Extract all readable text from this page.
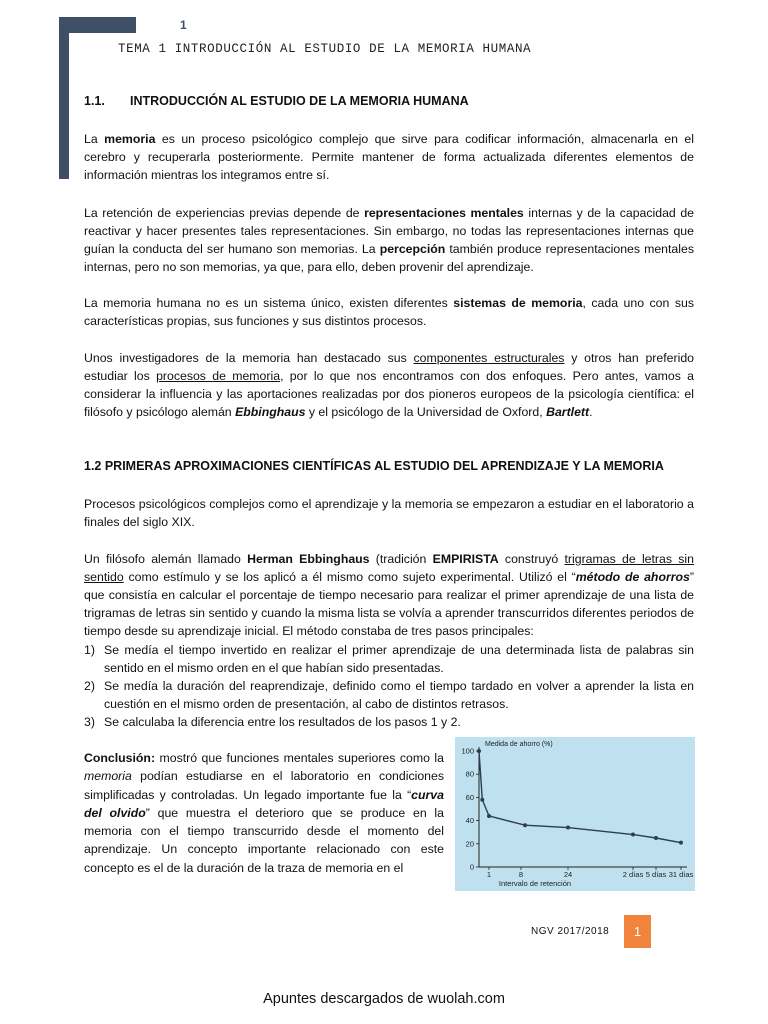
1
TEMA 1 INTRODUCCIÓN AL ESTUDIO DE LA MEMORIA HUMANA
1.1. INTRODUCCIÓN AL ESTUDIO DE LA MEMORIA HUMANA

La memoria es un proceso psicológico complejo que sirve para codificar información, almacenarla en el cerebro y recuperarla posteriormente. Permite mantener de forma actualizada diferentes elementos de información mientras los integramos entre sí.

La retención de experiencias previas depende de representaciones mentales internas y de la capacidad de reactivar y hacer presentes tales representaciones. Sin embargo, no todas las representaciones internas que guían la conducta del ser humano son memorias. La percepción también produce representaciones mentales internas, pero no son memorias, ya que, para ello, deben provenir del aprendizaje.

La memoria humana no es un sistema único, existen diferentes sistemas de memoria, cada uno con sus características propias, sus funciones y sus distintos procesos.

Unos investigadores de la memoria han destacado sus componentes estructurales y otros han preferido estudiar los procesos de memoria, por lo que nos encontramos con dos enfoques. Pero antes, vamos a considerar la influencia y las aportaciones realizadas por dos pioneros europeos de la psicología científica: el filósofo y psicólogo alemán Ebbinghaus y el psicólogo de la Universidad de Oxford, Bartlett.

1.2 PRIMERAS APROXIMACIONES CIENTÍFICAS AL ESTUDIO DEL APRENDIZAJE Y LA MEMORIA

Procesos psicológicos complejos como el aprendizaje y la memoria se empezaron a estudiar en el laboratorio a finales del siglo XIX.

Un filósofo alemán llamado Herman Ebbinghaus (tradición EMPIRISTA construyó trigramas de letras sin sentido como estímulo y se los aplicó a él mismo como sujeto experimental. Utilizó el “método de ahorros” que consistía en calcular el porcentaje de tiempo necesario para realizar el primer aprendizaje de una lista de trigramas de letras sin sentido y cuando la misma lista se volvía a aprender transcurridos diferentes periodos de tiempo desde su aprendizaje inicial. El método constaba de tres pasos principales:

1) Se medía el tiempo invertido en realizar el primer aprendizaje de una determinada lista de palabras sin sentido en el mismo orden en el que habían sido presentadas.
2) Se medía la duración del reaprendizaje, definido como el tiempo tardado en volver a aprender la lista en cuestión en el mismo orden de presentación, al cabo de distintos retrasos.
3) Se calculaba la diferencia entre los resultados de los pasos 1 y 2.
Conclusión: mostró que funciones mentales superiores como la memoria podían estudiarse en el laboratorio en condiciones simplificadas y controladas. Un legado importante fue la “curva del olvido” que muestra el deterioro que se produce en la memoria con el tiempo transcurrido desde el momento del aprendizaje. Un concepto importante relacionado con este concepto es el de la duración de la traza de memoria en el
Medida de ahorro (%)
0
20
40
60
80
100
1	8	24	2 días 5 días 31 días
Intervalo de retención
NGV 2017/2018	1
Apuntes descargados de wuolah.com
